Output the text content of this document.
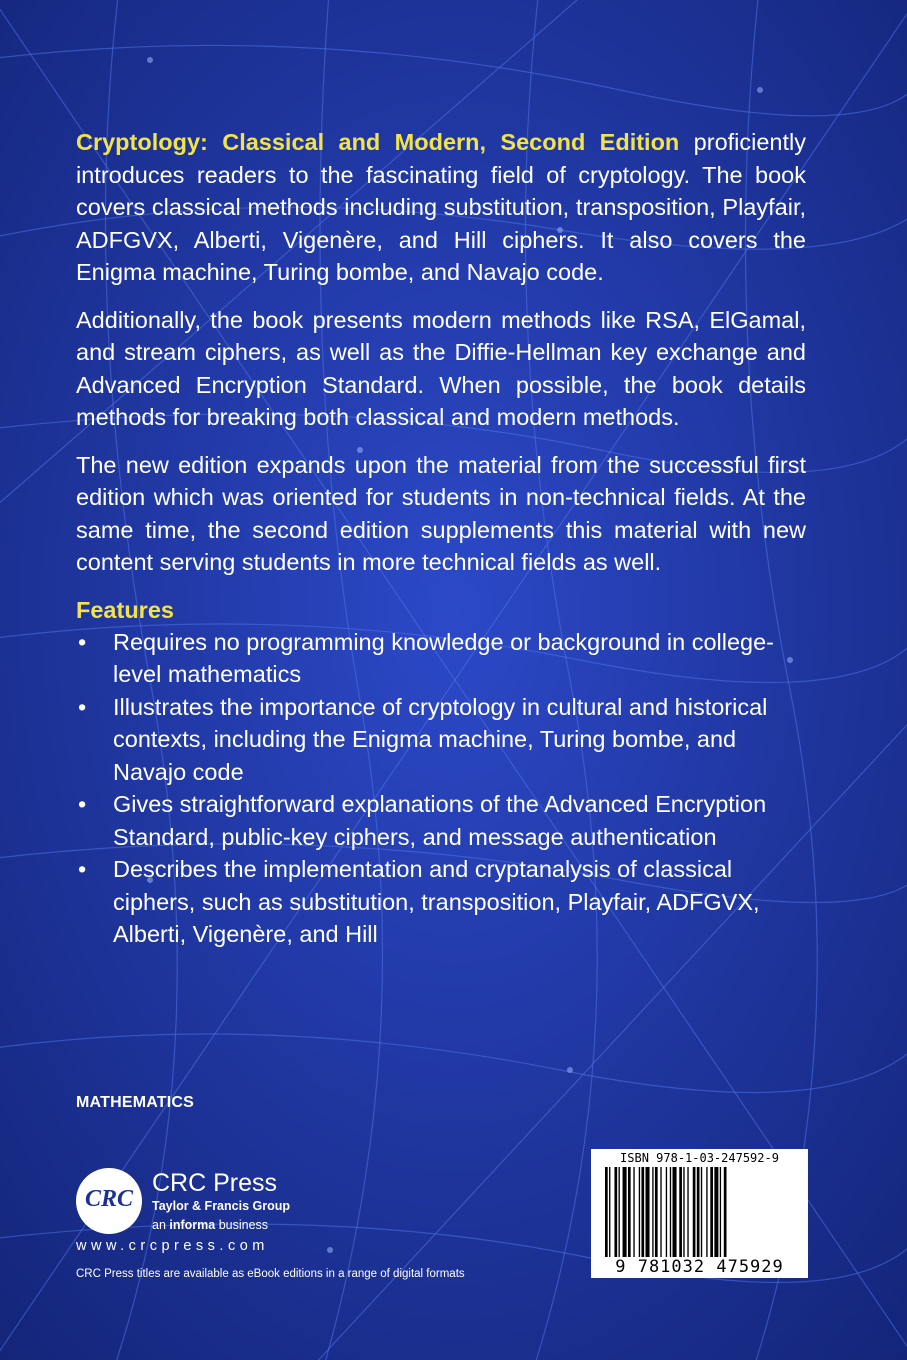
Cryptology: Classical and Modern, Second Edition proficiently introduces readers to the fascinating field of cryptology. The book covers classical methods including substitution, transposition, Playfair, ADFGVX, Alberti, Vigenère, and Hill ciphers. It also covers the Enigma machine, Turing bombe, and Navajo code.

Additionally, the book presents modern methods like RSA, ElGamal, and stream ciphers, as well as the Diffie-Hellman key exchange and Advanced Encryption Standard. When possible, the book details methods for breaking both classical and modern methods.

The new edition expands upon the material from the successful first edition which was oriented for students in non-technical fields. At the same time, the second edition supplements this material with new content serving students in more technical fields as well.

Features

• Requires no programming knowledge or background in college-level mathematics
• Illustrates the importance of cryptology in cultural and historical contexts, including the Enigma machine, Turing bombe, and Navajo code
• Gives straightforward explanations of the Advanced Encryption Standard, public-key ciphers, and message authentication
• Describes the implementation and cryptanalysis of classical ciphers, such as substitution, transposition, Playfair, ADFGVX, Alberti, Vigenère, and Hill
MATHEMATICS
CRC
CRC Press
Taylor & Francis Group
an informa business
www.crcpress.com
CRC Press titles are available as eBook editions in a range of digital formats
ISBN 978-1-03-247592-9
9 781032 475929
